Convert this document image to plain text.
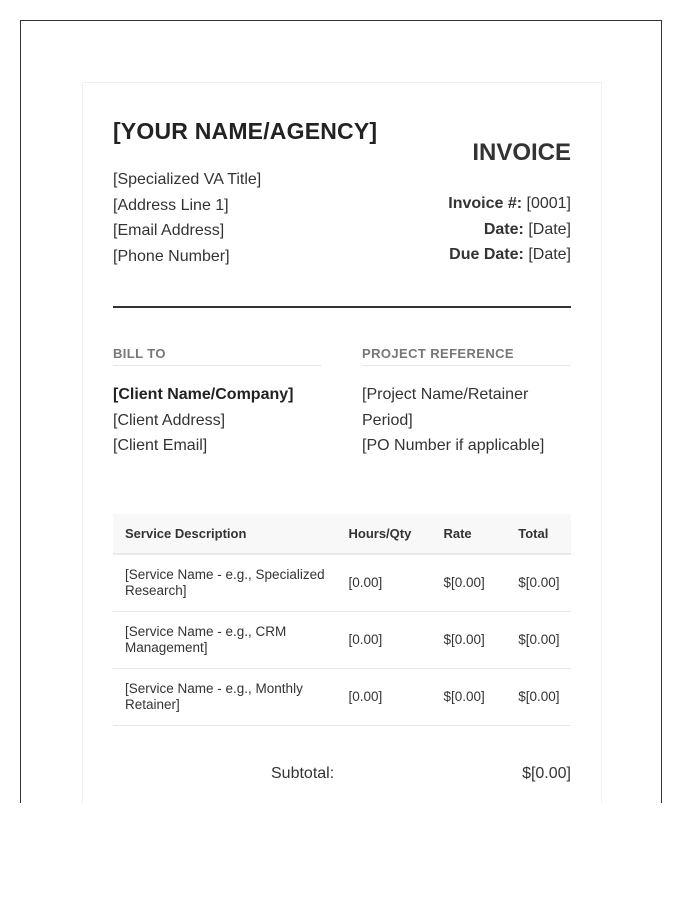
[YOUR NAME/AGENCY]
[Specialized VA Title]
[Address Line 1]
[Email Address]
[Phone Number]
INVOICE
Invoice #: [0001]
Date: [Date]
Due Date: [Date]
BILL TO
[Client Name/Company]
[Client Address]
[Client Email]
PROJECT REFERENCE
[Project Name/Retainer
Period]
[PO Number if applicable]
Service Description	Hours/Qty	Rate	Total
[Service Name - e.g., Specialized Research]	[0.00]	$[0.00]	$[0.00]
[Service Name - e.g., CRM Management]	[0.00]	$[0.00]	$[0.00]
[Service Name - e.g., Monthly Retainer]	[0.00]	$[0.00]	$[0.00]
Subtotal:	$[0.00]
